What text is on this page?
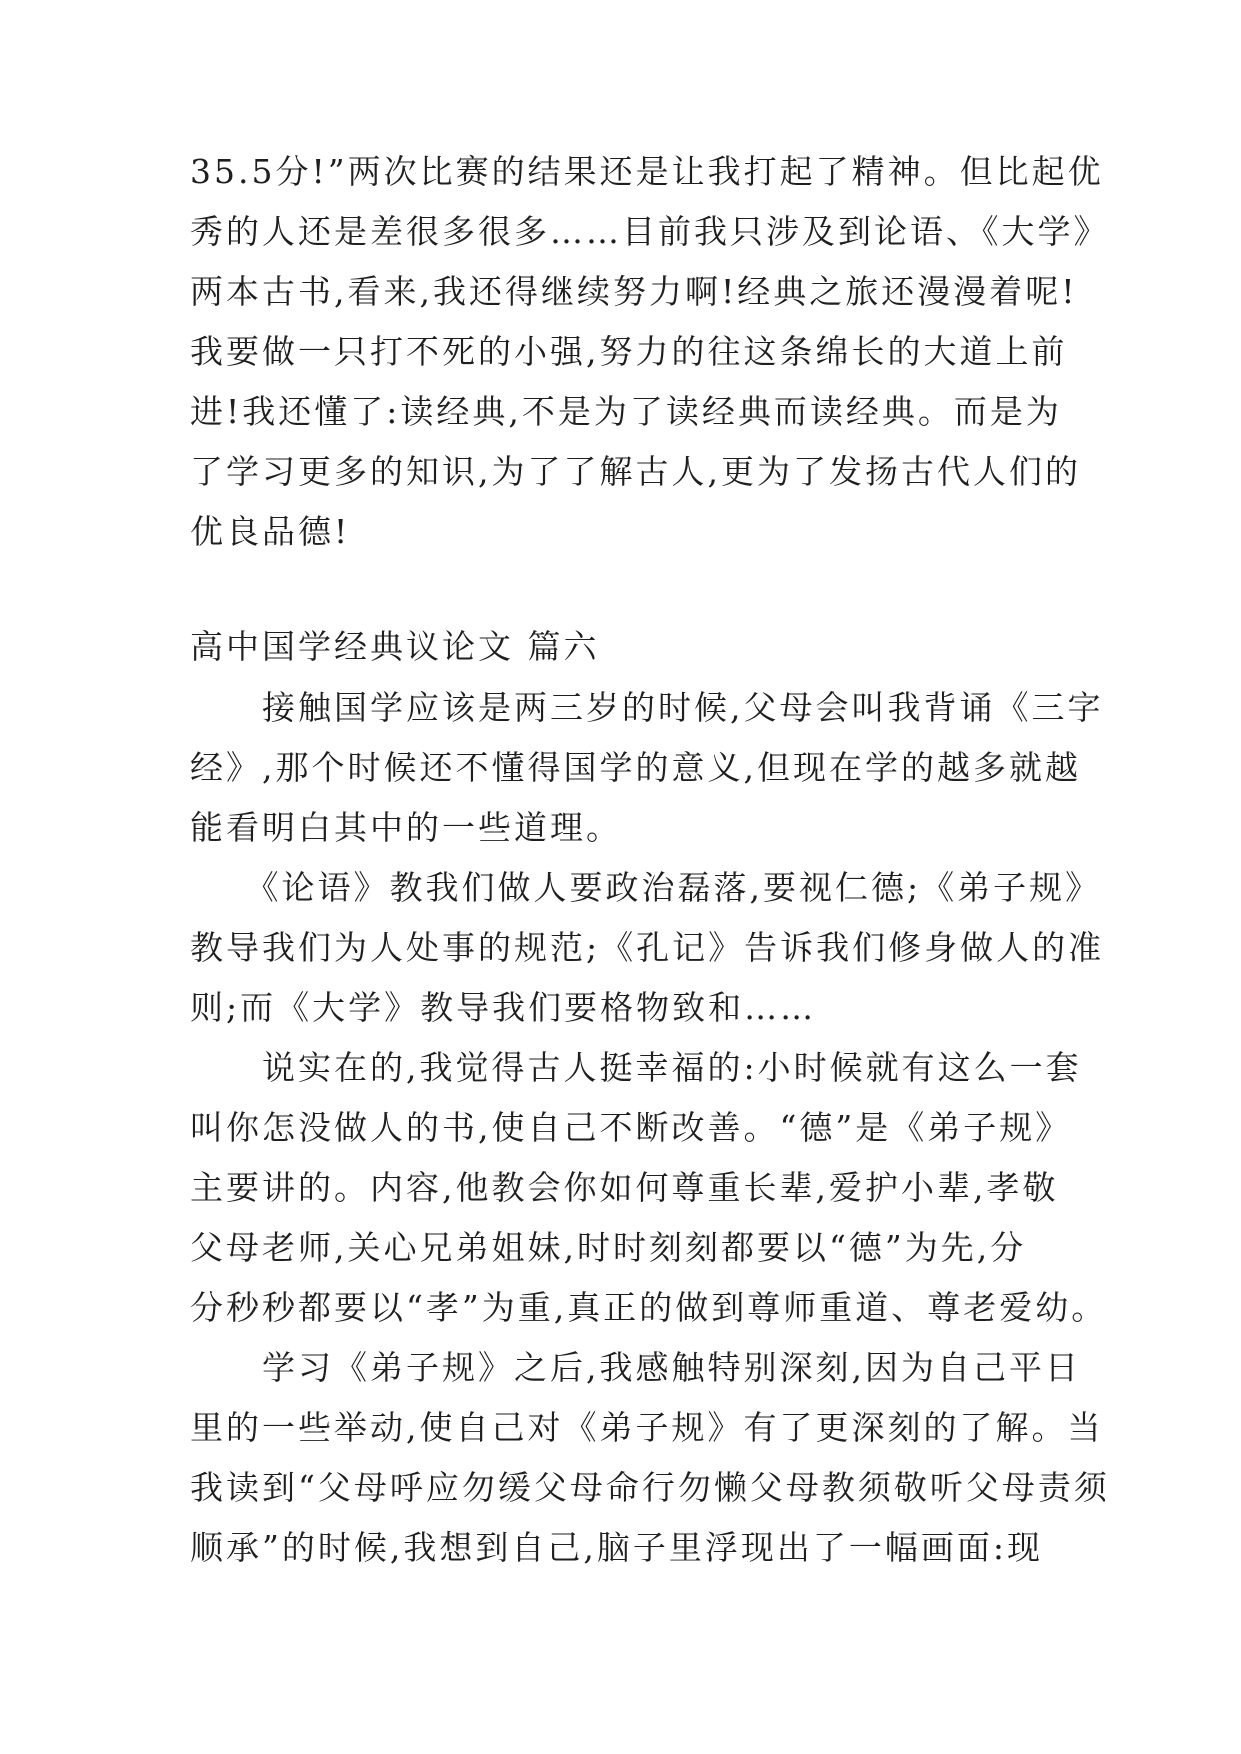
35.5分!”两次比赛的结果还是让我打起了精神。但比起优
秀的人还是差很多很多……目前我只涉及到论语、《大学》
两本古书,看来,我还得继续努力啊!经典之旅还漫漫着呢!
我要做一只打不死的小强,努力的往这条绵长的大道上前
进!我还懂了:读经典,不是为了读经典而读经典。而是为
了学习更多的知识,为了了解古人,更为了发扬古代人们的
优良品德!
高中国学经典议论文 篇六
　　接触国学应该是两三岁的时候,父母会叫我背诵《三字
经》,那个时候还不懂得国学的意义,但现在学的越多就越
能看明白其中的一些道理。
　　《论语》教我们做人要政治磊落,要视仁德;《弟子规》
教导我们为人处事的规范;《孔记》告诉我们修身做人的准
则;而《大学》教导我们要格物致和……
　　说实在的,我觉得古人挺幸福的:小时候就有这么一套
叫你怎没做人的书,使自己不断改善。“德”是《弟子规》
主要讲的。内容,他教会你如何尊重长辈,爱护小辈,孝敬
父母老师,关心兄弟姐妹,时时刻刻都要以“德”为先,分
分秒秒都要以“孝”为重,真正的做到尊师重道、尊老爱幼。
　　学习《弟子规》之后,我感触特别深刻,因为自己平日
里的一些举动,使自己对《弟子规》有了更深刻的了解。当
我读到“父母呼应勿缓父母命行勿懒父母教须敬听父母责须
顺承”的时候,我想到自己,脑子里浮现出了一幅画面:现
